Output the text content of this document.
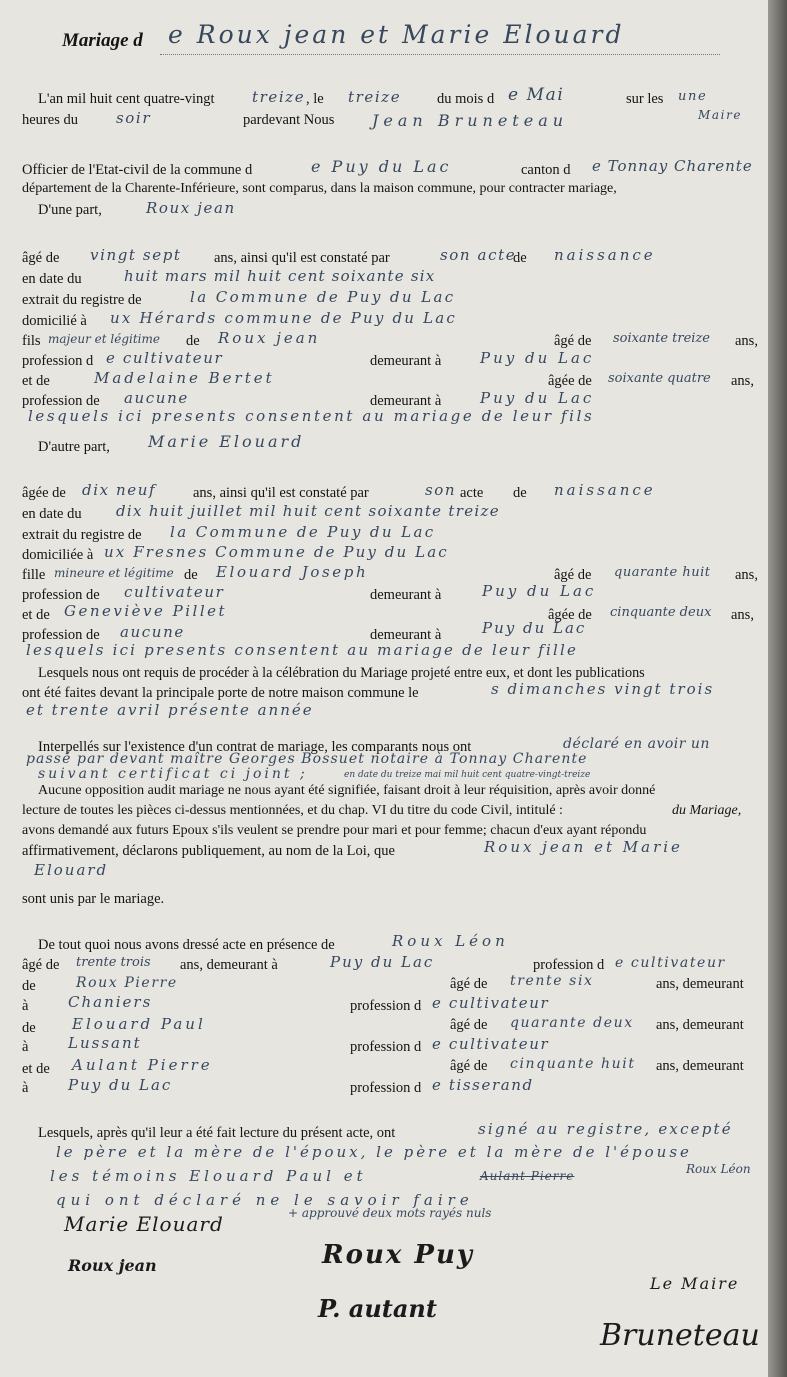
Mariage d e Roux jean et Marie Elouard
L'an mil huit cent quatre-vingt treize , le treize du mois d e Mai	sur les une
heures du	soir	pardevant Nous	Maire
Jean Bruneteau
Officier de l'Etat-civil de la commune d	e Puy du Lac	canton d e Tonnay Charente
département de la Charente-Inférieure, sont comparus, dans la maison commune, pour contracter mariage,
D'une part,	Roux jean
âgé de vingt sept ans, ainsi qu'il est constaté par	son acte
de naissance
en date du	huit mars mil huit cent soixante six
extrait du registre de	la Commune de Puy du Lac
domicilié à ux Hérards commune de Puy du Lac
fils majeur et légitime de Roux jean	âgé de soixante treize ans,
profession d e cultivateur	demeurant à	Puy du Lac
et de	Madelaine Bertet	âgée de soixante quatre ans,
profession de aucune	demeurant à	Puy du Lac
lesquels ici presents consentent au mariage de leur fils
D'autre part, Marie Elouard
âgée de dix neuf	ans, ainsi qu'il est constaté par	son acte de naissance
en date du dix huit juillet mil huit cent soixante treize
extrait du registre de la Commune de Puy du Lac
domiciliée à ux Fresnes Commune de Puy du Lac
fille mineure et légitime de Elouard Joseph	âgé de quarante huit ans,
profession de cultivateur	demeurant à	Puy du Lac
et de Geneviève Pillet	âgée de cinquante deux ans,
profession de aucune	demeurant à	Puy du Lac
lesquels ici presents consentent au mariage de leur fille
Lesquels nous ont requis de procéder à la célébration du Mariage projeté entre eux, et dont les publications
ont été faites devant la principale porte de notre maison commune le	s dimanches vingt trois
et trente avril présente année
Interpellés sur l'existence d'un contrat de mariage, les comparants nous ont	déclaré en avoir un
passé par devant maître Georges Bossuet notaire à Tonnay Charente
suivant certificat ci joint ;	en date du treize mai mil huit cent quatre-vingt-treize
Aucune opposition audit mariage ne nous ayant été signifiée, faisant droit à leur réquisition, après avoir donné
lecture de toutes les pièces ci-dessus mentionnées, et du chap. VI du titre du code Civil, intitulé :	du Mariage,
avons demandé aux futurs Epoux s'ils veulent se prendre pour mari et pour femme; chacun d'eux ayant répondu
affirmativement, déclarons publiquement, au nom de la Loi, que	Roux jean et Marie
Elouard
sont unis par le mariage.
De tout quoi nous avons dressé acte en présence de	Roux Léon
âgé de trente trois ans, demeurant à	Puy du Lac	profession d e cultivateur
de	Roux Pierre	âgé de trente six	ans, demeurant
à	Chaniers	profession d e cultivateur
de Elouard Paul	âgé de quarante deux ans, demeurant
à	Lussant	profession d e cultivateur
et de Aulant Pierre	âgé de cinquante huit ans, demeurant
à	Puy du Lac	profession d e tisserand
Lesquels, après qu'il leur a été fait lecture du présent acte, ont	signé au registre, excepté
le père et la mère de l'époux, le père et la mère de l'épouse
les témoins Elouard Paul et	Aulant Pierre	Roux Léon
qui ont déclaré ne le savoir faire
+ approuvé deux mots rayés nuls
Marie Elouard
Roux jean	Roux Puy
P. autant
Le Maire
Bruneteau
